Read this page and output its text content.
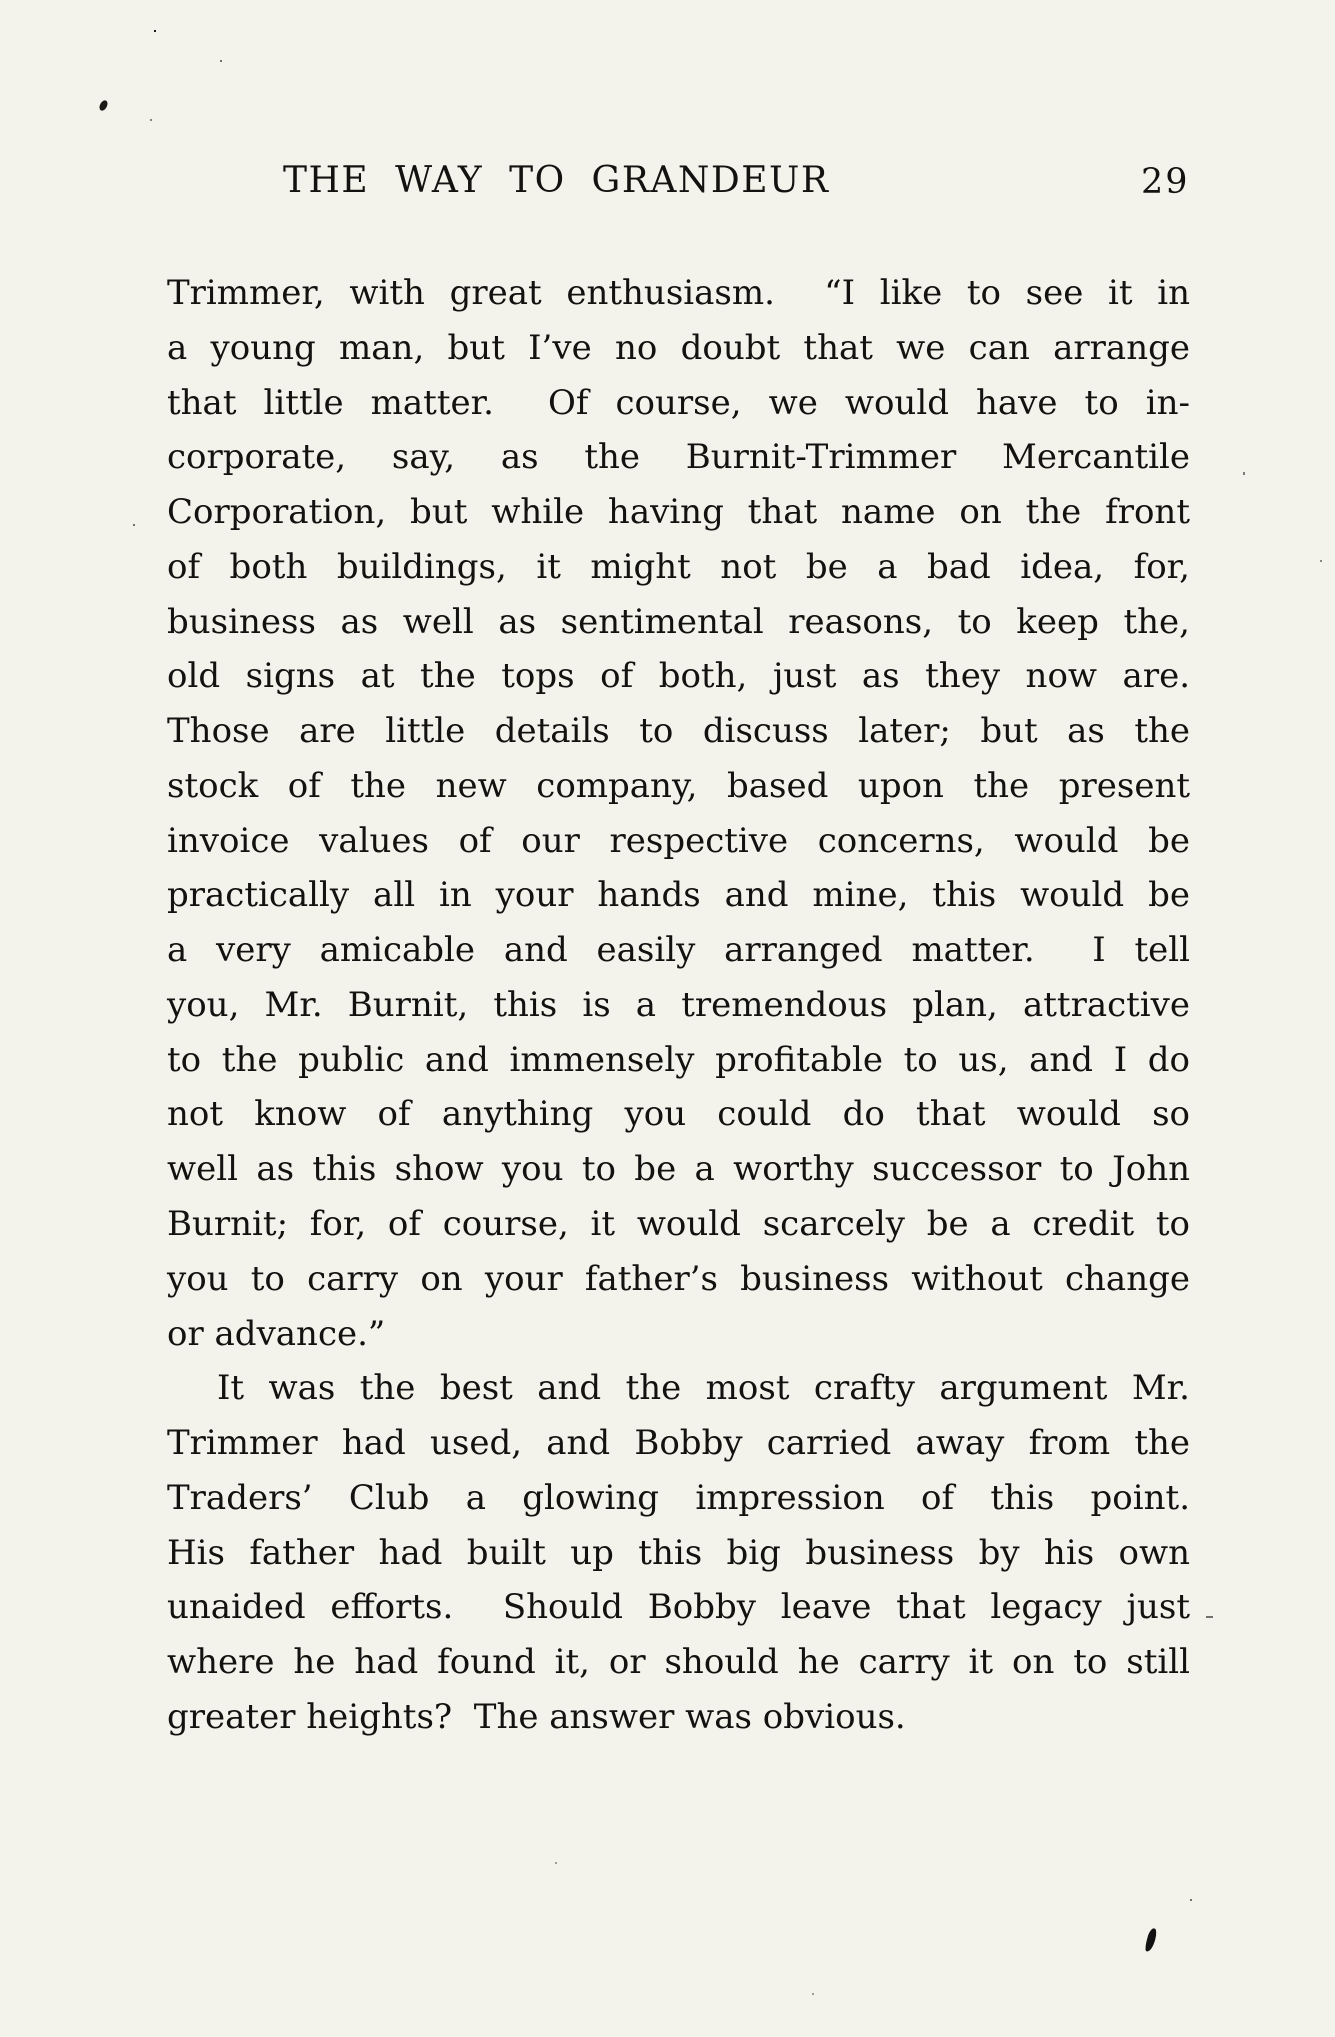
THE WAY TO GRANDEUR	29
Trimmer, with great enthusiasm.  “I like to see it in
a young man, but I’ve no doubt that we can arrange
that little matter.  Of course, we would have to in-
corporate, say, as the Burnit-Trimmer Mercantile
Corporation, but while having that name on the front
of both buildings, it might not be a bad idea, for,
business as well as sentimental reasons, to keep the,
old signs at the tops of both, just as they now are.
Those are little details to discuss later; but as the
stock of the new company, based upon the present
invoice values of our respective concerns, would be
practically all in your hands and mine, this would be
a very amicable and easily arranged matter.  I tell
you, Mr. Burnit, this is a tremendous plan, attractive
to the public and immensely profitable to us, and I do
not know of anything you could do that would so
well as this show you to be a worthy successor to John
Burnit; for, of course, it would scarcely be a credit to
you to carry on your father’s business without change
or advance.”
It was the best and the most crafty argument Mr.
Trimmer had used, and Bobby carried away from the
Traders’ Club a glowing impression of this point.
His father had built up this big business by his own
unaided efforts.  Should Bobby leave that legacy just
where he had found it, or should he carry it on to still
greater heights?  The answer was obvious.
